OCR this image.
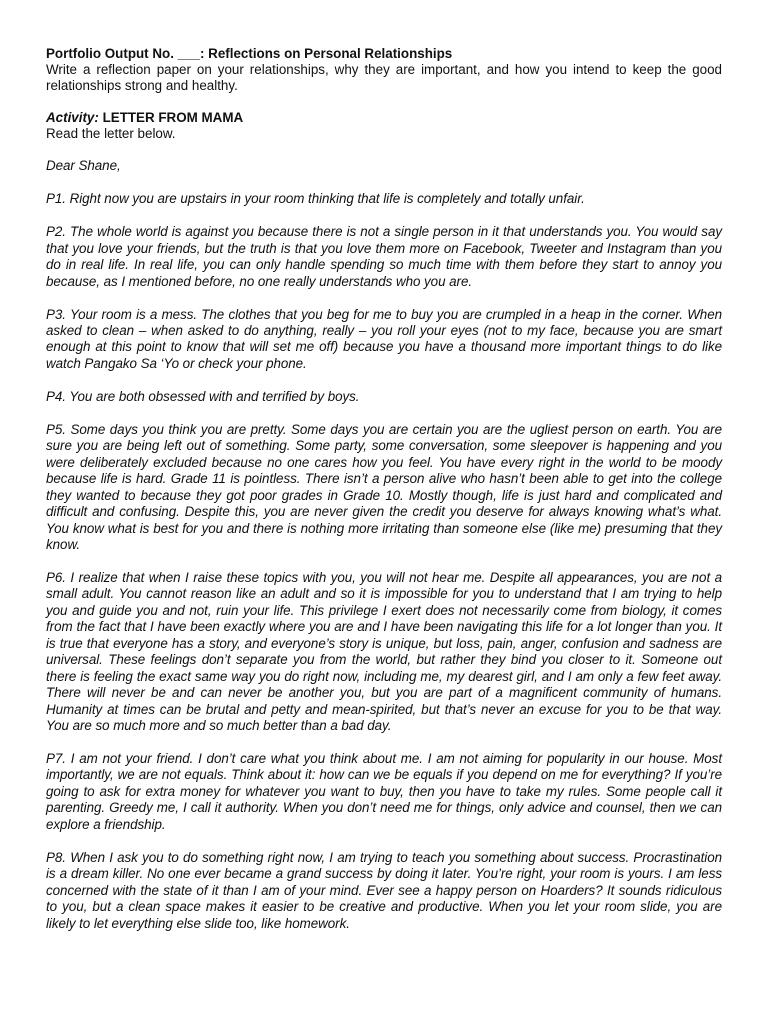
Portfolio Output No. ___: Reflections on Personal Relationships

Write a reflection paper on your relationships, why they are important, and how you intend to keep the good relationships strong and healthy.

Activity: LETTER FROM MAMA

Read the letter below.

Dear Shane,

P1. Right now you are upstairs in your room thinking that life is completely and totally unfair.

P2. The whole world is against you because there is not a single person in it that understands you. You would say that you love your friends, but the truth is that you love them more on Facebook, Tweeter and Instagram than you do in real life. In real life, you can only handle spending so much time with them before they start to annoy you because, as I mentioned before, no one really understands who you are.

P3. Your room is a mess. The clothes that you beg for me to buy you are crumpled in a heap in the corner. When asked to clean – when asked to do anything, really – you roll your eyes (not to my face, because you are smart enough at this point to know that will set me off) because you have a thousand more important things to do like watch Pangako Sa ‘Yo or check your phone.

P4. You are both obsessed with and terrified by boys.

P5. Some days you think you are pretty. Some days you are certain you are the ugliest person on earth. You are sure you are being left out of something. Some party, some conversation, some sleepover is happening and you were deliberately excluded because no one cares how you feel. You have every right in the world to be moody because life is hard. Grade 11 is pointless. There isn’t a person alive who hasn’t been able to get into the college they wanted to because they got poor grades in Grade 10. Mostly though, life is just hard and complicated and difficult and confusing. Despite this, you are never given the credit you deserve for always knowing what’s what. You know what is best for you and there is nothing more irritating than someone else (like me) presuming that they know.

P6. I realize that when I raise these topics with you, you will not hear me. Despite all appearances, you are not a small adult. You cannot reason like an adult and so it is impossible for you to understand that I am trying to help you and guide you and not, ruin your life. This privilege I exert does not necessarily come from biology, it comes from the fact that I have been exactly where you are and I have been navigating this life for a lot longer than you. It is true that everyone has a story, and everyone’s story is unique, but loss, pain, anger, confusion and sadness are universal. These feelings don’t separate you from the world, but rather they bind you closer to it. Someone out there is feeling the exact same way you do right now, including me, my dearest girl, and I am only a few feet away. There will never be and can never be another you, but you are part of a magnificent community of humans. Humanity at times can be brutal and petty and mean-spirited, but that’s never an excuse for you to be that way. You are so much more and so much better than a bad day.

P7. I am not your friend. I don’t care what you think about me. I am not aiming for popularity in our house. Most importantly, we are not equals. Think about it: how can we be equals if you depend on me for everything? If you’re going to ask for extra money for whatever you want to buy, then you have to take my rules. Some people call it parenting. Greedy me, I call it authority. When you don’t need me for things, only advice and counsel, then we can explore a friendship.

P8. When I ask you to do something right now, I am trying to teach you something about success. Procrastination is a dream killer. No one ever became a grand success by doing it later. You’re right, your room is yours. I am less concerned with the state of it than I am of your mind. Ever see a happy person on Hoarders? It sounds ridiculous to you, but a clean space makes it easier to be creative and productive. When you let your room slide, you are likely to let everything else slide too, like homework.
